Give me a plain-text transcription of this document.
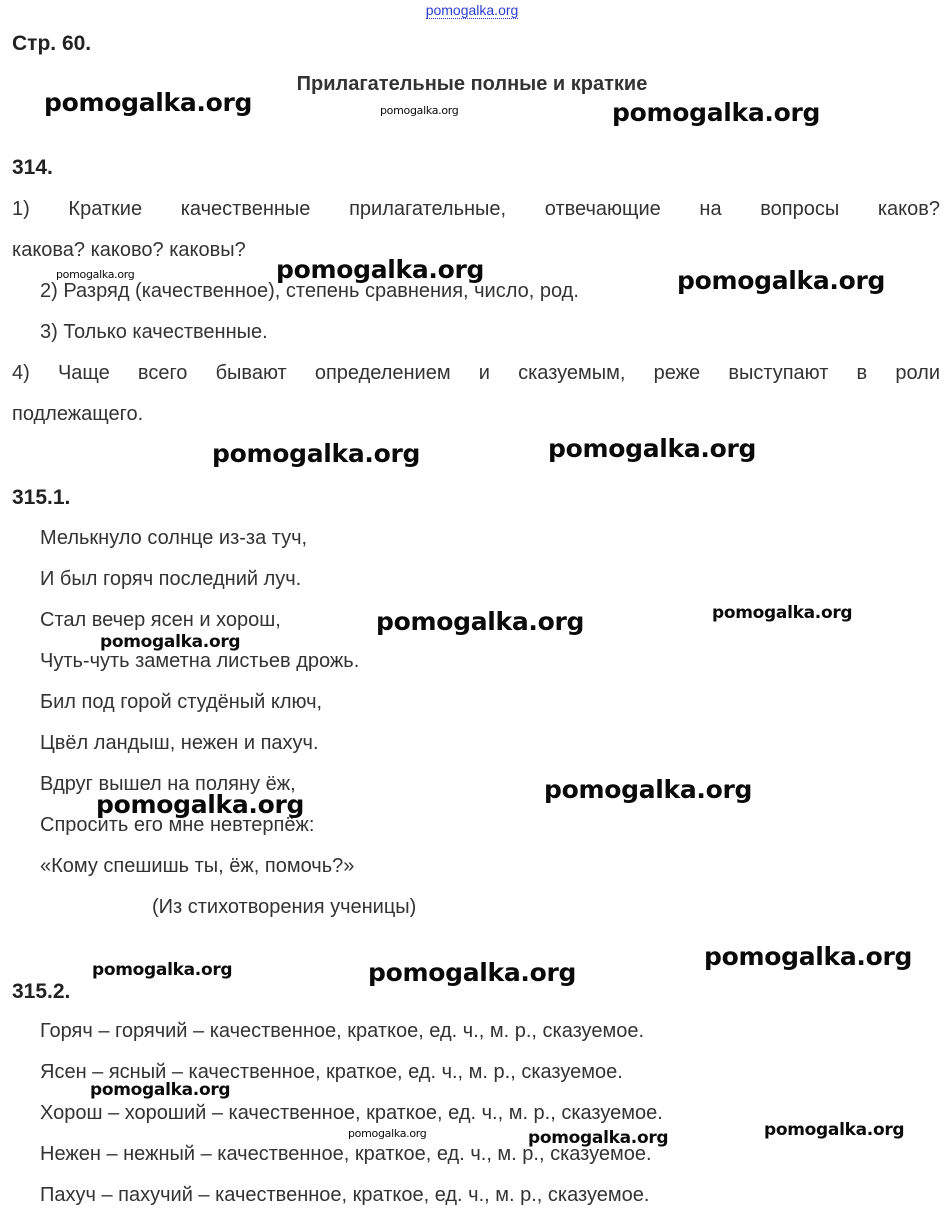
pomogalka.org
Стр. 60.
Прилагательные полные и краткие
314.
1) Краткие качественные прилагательные, отвечающие на вопросы каков?
какова? каково? каковы?
2) Разряд (качественное), степень сравнения, число, род.
3) Только качественные.
4) Чаще всего бывают определением и сказуемым, реже выступают в роли
подлежащего.
315.1.
Мелькнуло солнце из-за туч,
И был горяч последний луч.
Стал вечер ясен и хорош,
Чуть-чуть заметна листьев дрожь.
Бил под горой студёный ключ,
Цвёл ландыш, нежен и пахуч.
Вдруг вышел на поляну ёж,
Спросить его мне невтерпёж:
«Кому спешишь ты, ёж, помочь?»
(Из стихотворения ученицы)
315.2.
Горяч – горячий – качественное, краткое, ед. ч., м. р., сказуемое.
Ясен – ясный – качественное, краткое, ед. ч., м. р., сказуемое.
Хорош – хороший – качественное, краткое, ед. ч., м. р., сказуемое.
Нежен – нежный – качественное, краткое, ед. ч., м. р., сказуемое.
Пахуч – пахучий – качественное, краткое, ед. ч., м. р., сказуемое.
pomogalka.org	pomogalka.org	pomogalka.org
pomogalka.org	pomogalka.org	pomogalka.org
pomogalka.org	pomogalka.org
pomogalka.org	pomogalka.org
pomogalka.org
pomogalka.org
pomogalka.org
pomogalka.org	pomogalka.org
pomogalka.org
pomogalka.org
pomogalka.org	pomogalka.org	pomogalka.org
